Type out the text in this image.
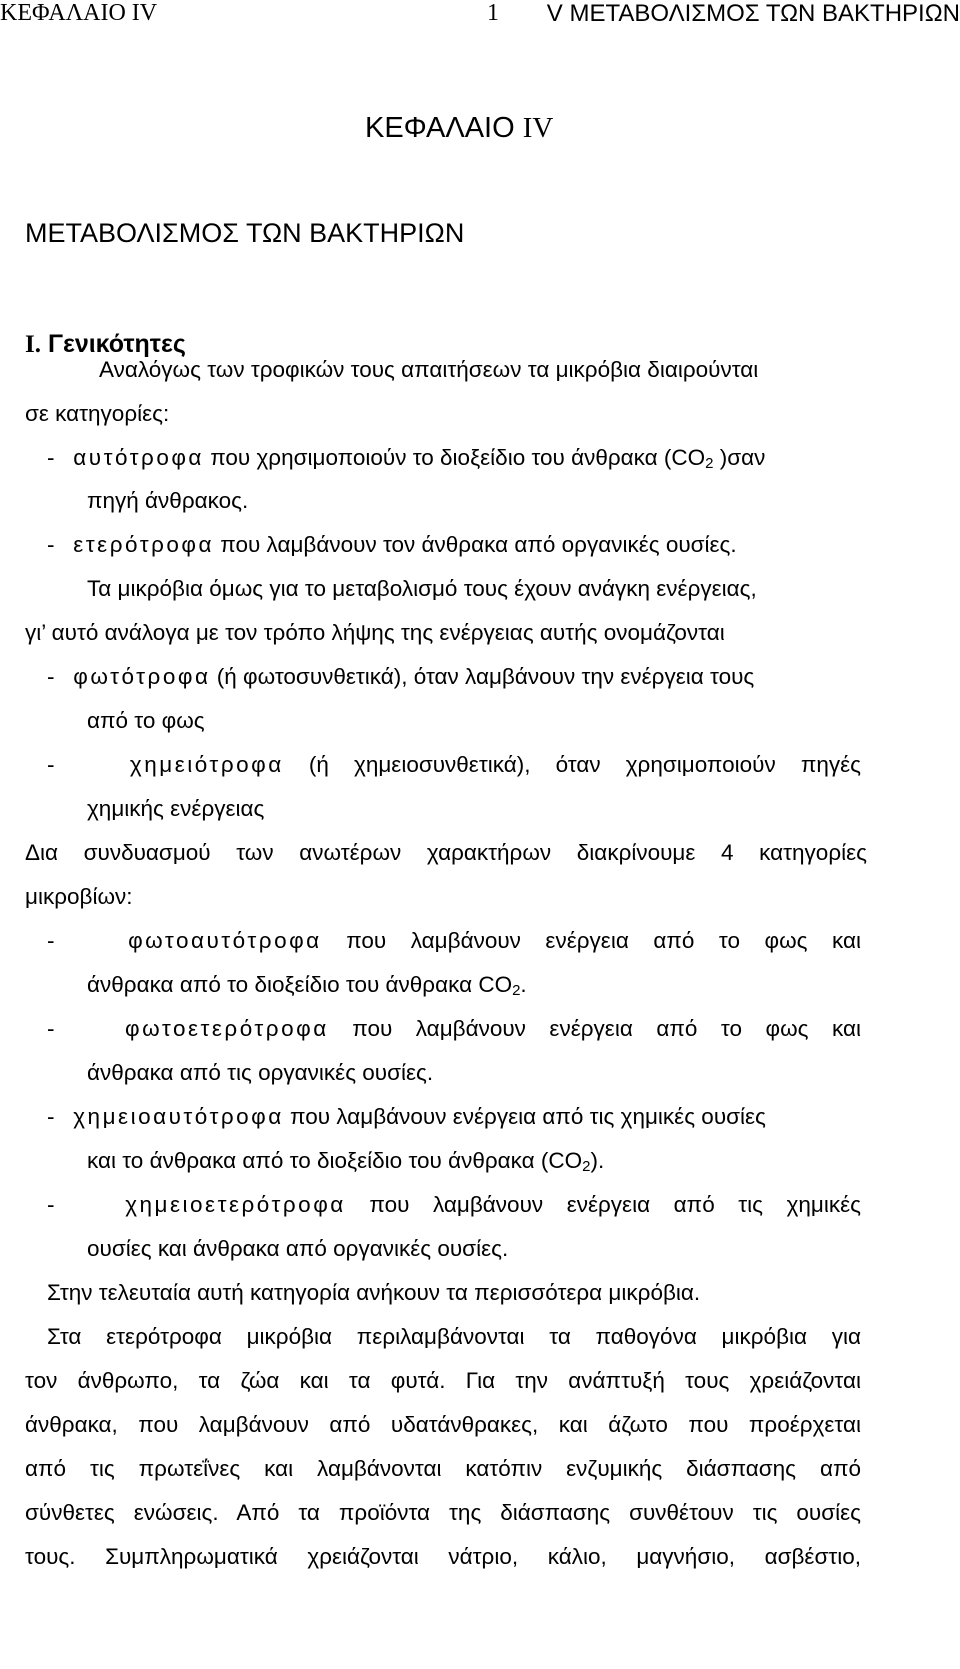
ΚΕΦΑΛΑΙΟ IV	1 V ΜΕΤΑΒΟΛΙΣΜΟΣ ΤΩΝ ΒΑΚΤΗΡΙΩΝ
ΚΕΦΑΛΑΙΟ IV
ΜΕΤΑΒΟΛΙΣΜΟΣ ΤΩΝ ΒΑΚΤΗΡΙΩΝ
I. Γενικότητες
Αναλόγως των τροφικών τους απαιτήσεων τα μικρόβια διαιρούνται
σε κατηγορίες:
-   αυτότροφα που χρησιμοποιούν το διοξείδιο του άνθρακα ($CO_2$ )σαν
πηγή άνθρακος.
-   ετερότροφα που λαμβάνουν τον άνθρακα από οργανικές ουσίες.
Τα μικρόβια όμως για το μεταβολισμό τους έχουν ανάγκη ενέργειας,
γι’ αυτό ανάλογα με τον τρόπο λήψης της ενέργειας αυτής ονομάζονται
-   φωτότροφα (ή φωτοσυνθετικά), όταν λαμβάνουν την ενέργεια τους
από το φως
-   χημειότροφα (ή χημειοσυνθετικά), όταν χρησιμοποιούν πηγές
χημικής ενέργειας
Δια συνδυασμού των ανωτέρων χαρακτήρων διακρίνουμε 4 κατηγορίες
μικροβίων:
-   φωτοαυτότροφα που λαμβάνουν ενέργεια από το φως και
άνθρακα από το διοξείδιο του άνθρακα $CO_2$.
-   φωτοετερότροφα που λαμβάνουν ενέργεια από το φως και
άνθρακα από τις οργανικές ουσίες.
-   χημειοαυτότροφα που λαμβάνουν ενέργεια από τις χημικές ουσίες
και το άνθρακα από το διοξείδιο του άνθρακα $(CO_2)$.
-   χημειοετερότροφα που λαμβάνουν ενέργεια από τις χημικές
ουσίες και άνθρακα από οργανικές ουσίες.
Στην τελευταία αυτή κατηγορία ανήκουν τα περισσότερα μικρόβια.
Στα ετερότροφα μικρόβια περιλαμβάνονται τα παθογόνα μικρόβια για
τον άνθρωπο, τα ζώα και τα φυτά. Για την ανάπτυξή τους χρειάζονται
άνθρακα, που λαμβάνουν από υδατάνθρακες, και άζωτο που προέρχεται
από τις πρωτεΐνες και λαμβάνονται κατόπιν ενζυμικής διάσπασης από
σύνθετες ενώσεις. Από τα προϊόντα της διάσπασης συνθέτουν τις ουσίες
τους. Συμπληρωματικά χρειάζονται νάτριο, κάλιο, μαγνήσιο, ασβέστιο,
